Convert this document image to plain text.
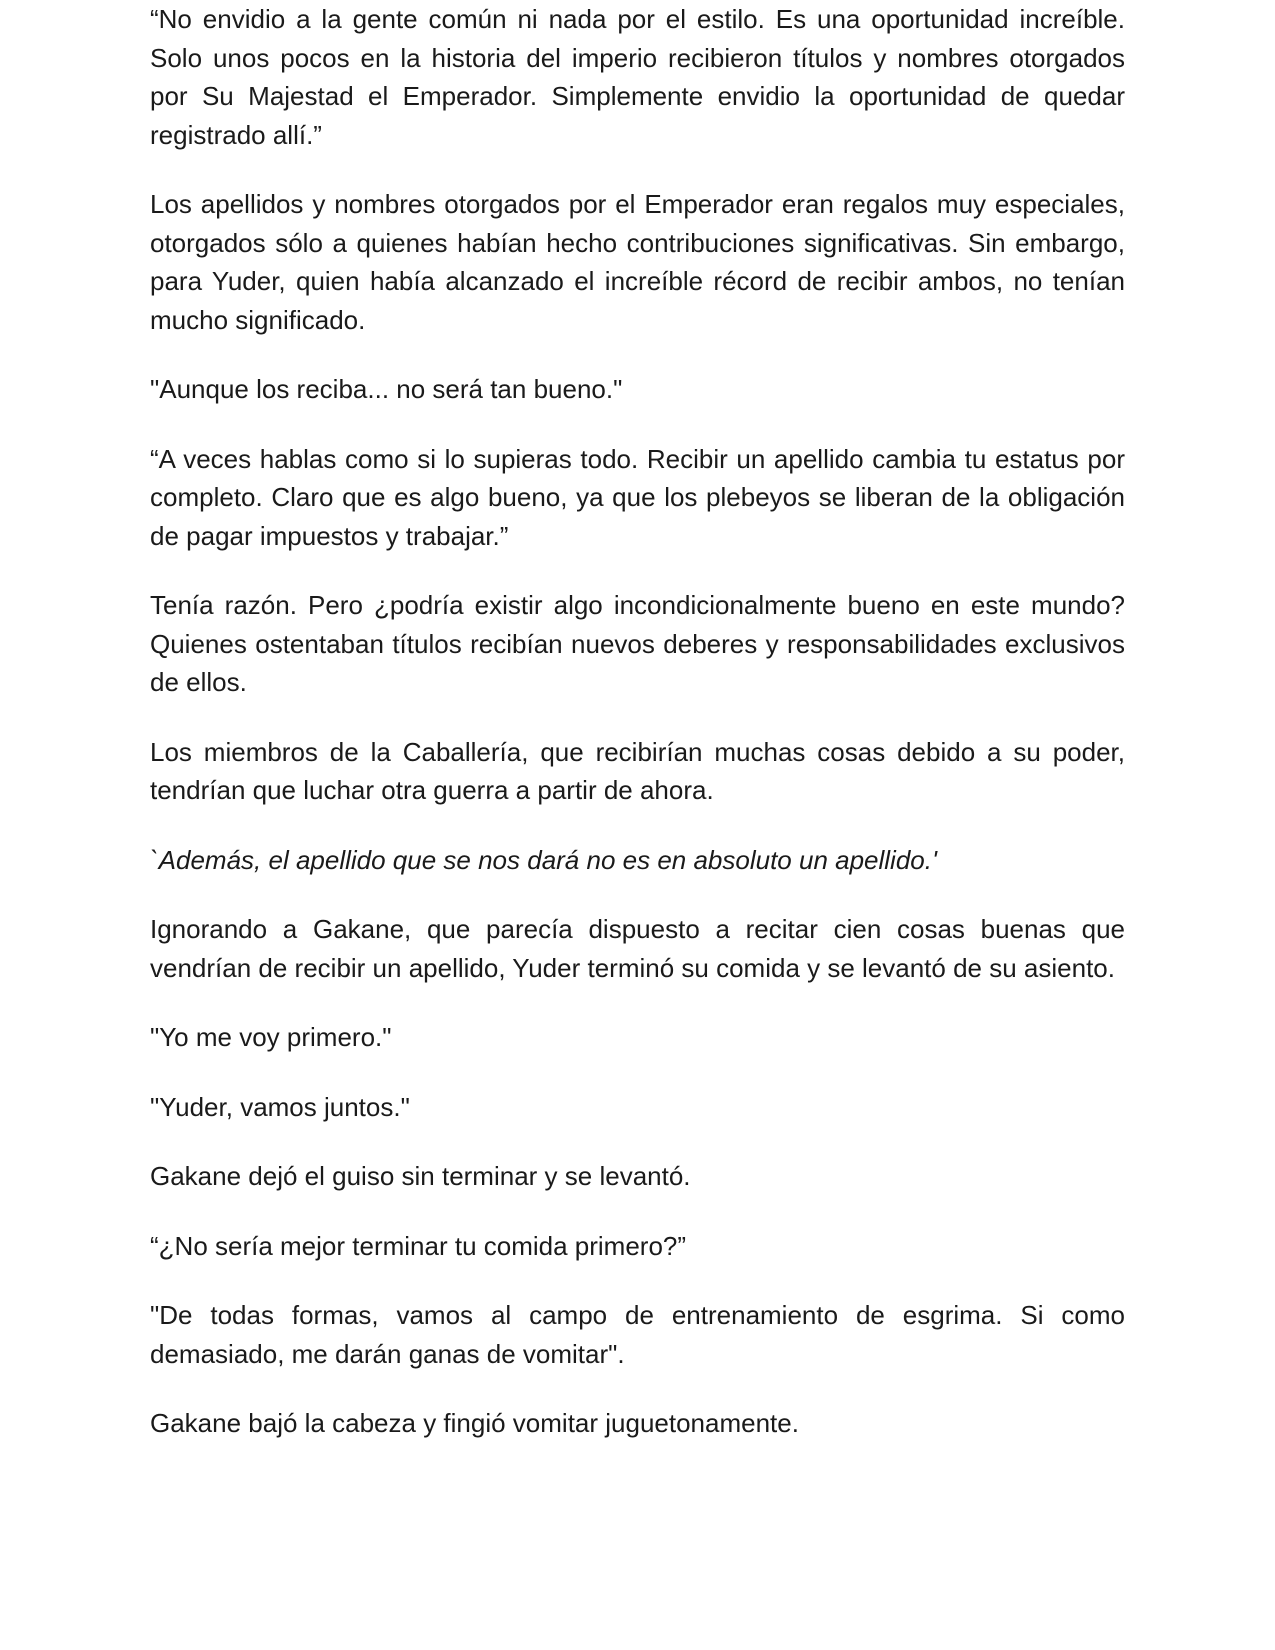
“No envidio a la gente común ni nada por el estilo. Es una oportunidad increíble. Solo unos pocos en la historia del imperio recibieron títulos y nombres otorgados por Su Majestad el Emperador. Simplemente envidio la oportunidad de quedar registrado allí.”

Los apellidos y nombres otorgados por el Emperador eran regalos muy especiales, otorgados sólo a quienes habían hecho contribuciones significativas. Sin embargo, para Yuder, quien había alcanzado el increíble récord de recibir ambos, no tenían mucho significado.

"Aunque los reciba... no será tan bueno."

“A veces hablas como si lo supieras todo. Recibir un apellido cambia tu estatus por completo. Claro que es algo bueno, ya que los plebeyos se liberan de la obligación de pagar impuestos y trabajar.”

Tenía razón. Pero ¿podría existir algo incondicionalmente bueno en este mundo? Quienes ostentaban títulos recibían nuevos deberes y responsabilidades exclusivos de ellos.

Los miembros de la Caballería, que recibirían muchas cosas debido a su poder, tendrían que luchar otra guerra a partir de ahora.

`Además, el apellido que se nos dará no es en absoluto un apellido.'

Ignorando a Gakane, que parecía dispuesto a recitar cien cosas buenas que vendrían de recibir un apellido, Yuder terminó su comida y se levantó de su asiento.

"Yo me voy primero."

"Yuder, vamos juntos."

Gakane dejó el guiso sin terminar y se levantó.

“¿No sería mejor terminar tu comida primero?”

"De todas formas, vamos al campo de entrenamiento de esgrima. Si como demasiado, me darán ganas de vomitar".

Gakane bajó la cabeza y fingió vomitar juguetonamente.
